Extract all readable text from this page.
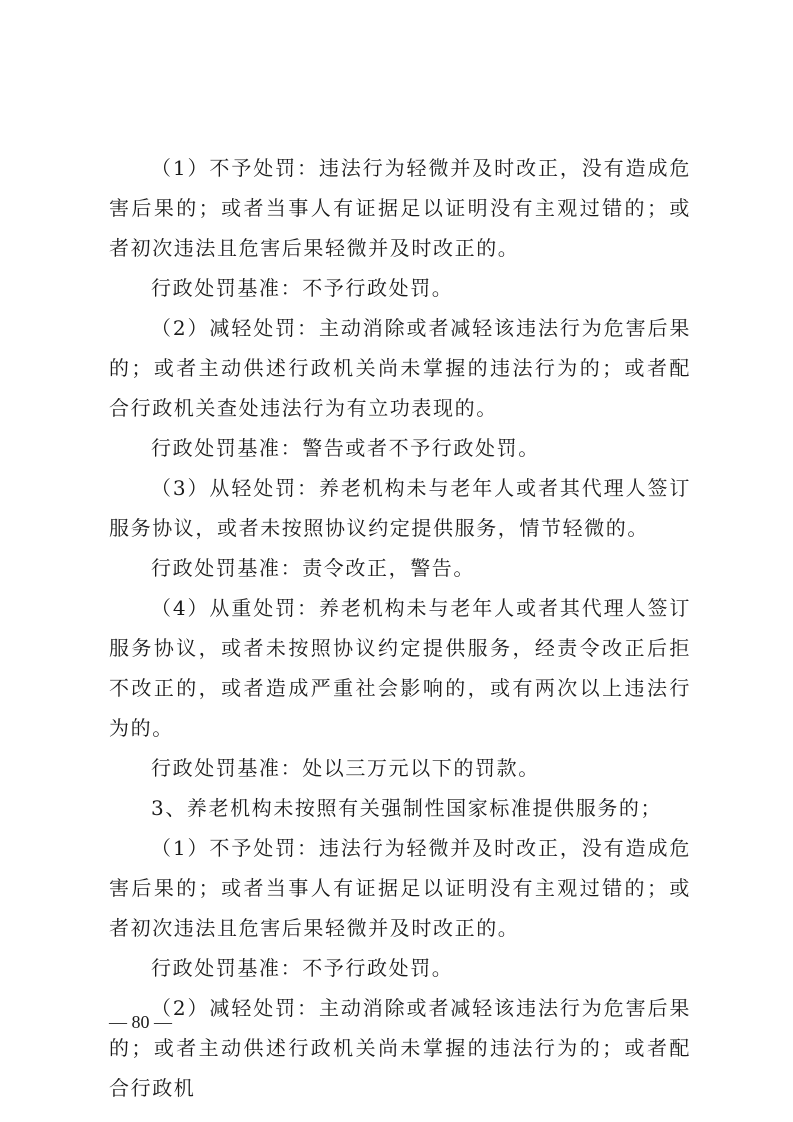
（1）不予处罚：违法行为轻微并及时改正，没有造成危害后果的；或者当事人有证据足以证明没有主观过错的；或者初次违法且危害后果轻微并及时改正的。

行政处罚基准：不予行政处罚。

（2）减轻处罚：主动消除或者减轻该违法行为危害后果的；或者主动供述行政机关尚未掌握的违法行为的；或者配合行政机关查处违法行为有立功表现的。

行政处罚基准：警告或者不予行政处罚。

（3）从轻处罚：养老机构未与老年人或者其代理人签订服务协议，或者未按照协议约定提供服务，情节轻微的。

行政处罚基准：责令改正，警告。

（4）从重处罚：养老机构未与老年人或者其代理人签订服务协议，或者未按照协议约定提供服务，经责令改正后拒不改正的，或者造成严重社会影响的，或有两次以上违法行为的。

行政处罚基准：处以三万元以下的罚款。

3、养老机构未按照有关强制性国家标准提供服务的；

（1）不予处罚：违法行为轻微并及时改正，没有造成危害后果的；或者当事人有证据足以证明没有主观过错的；或者初次违法且危害后果轻微并及时改正的。

行政处罚基准：不予行政处罚。

（2）减轻处罚：主动消除或者减轻该违法行为危害后果的；或者主动供述行政机关尚未掌握的违法行为的；或者配合行政机

— 80 —
